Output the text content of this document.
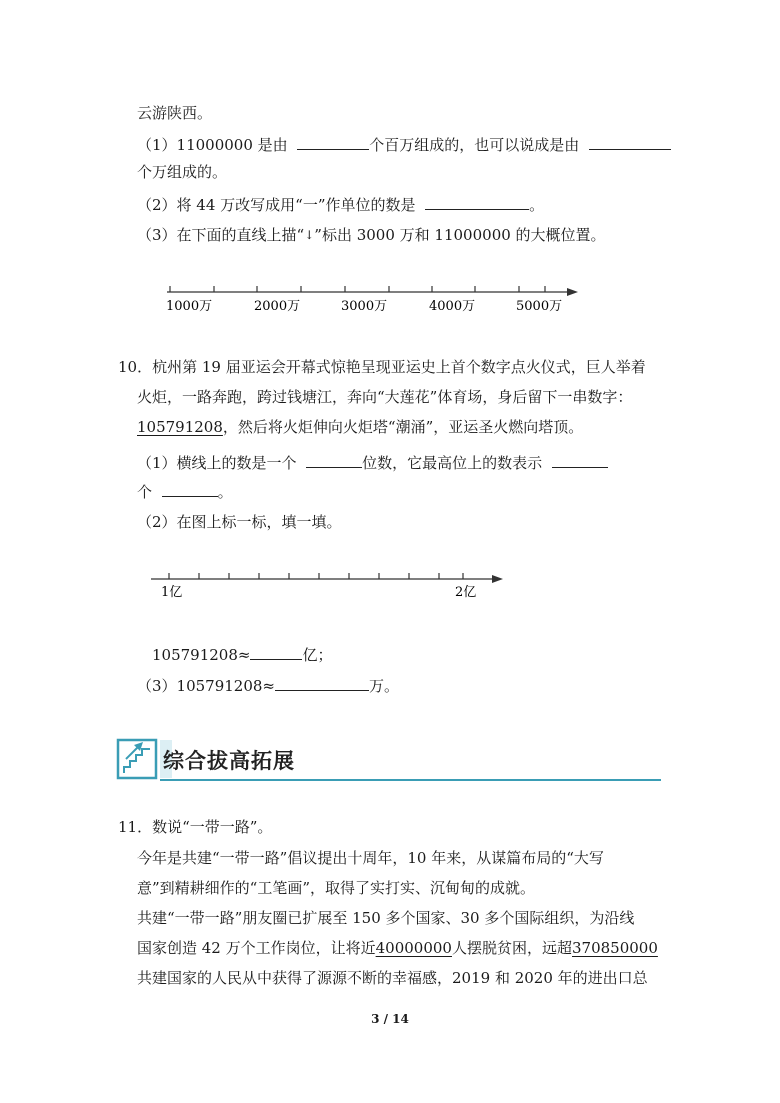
云游陕西。
（1）11000000 是由	个百万组成的，也可以说成是由
个万组成的。
（2）将 44 万改写成用“一”作单位的数是	。
（3）在下面的直线上描“↓”标出 3000 万和 11000000 的大概位置。
1000万	2000万	3000万	4000万	5000万
10．杭州第 19 届亚运会开幕式惊艳呈现亚运史上首个数字点火仪式，巨人举着
火炬，一路奔跑，跨过钱塘江，奔向“大莲花”体育场，身后留下一串数字：
105791208，然后将火炬伸向火炬塔“潮涌”，亚运圣火燃向塔顶。
（1）横线上的数是一个	位数，它最高位上的数表示
个	。
（2）在图上标一标，填一填。
1亿	2亿
105791208≈	亿；
（3）105791208≈	万。
综合拔高拓展
11．数说“一带一路”。
今年是共建“一带一路”倡议提出十周年，10 年来，从谋篇布局的“大写
意”到精耕细作的“工笔画”，取得了实打实、沉甸甸的成就。
共建“一带一路”朋友圈已扩展至 150 多个国家、30 多个国际组织，为沿线
国家创造 42 万个工作岗位，让将近40000000人摆脱贫困，远超370850000
共建国家的人民从中获得了源源不断的幸福感，2019 和 2020 年的进出口总
3 / 14
